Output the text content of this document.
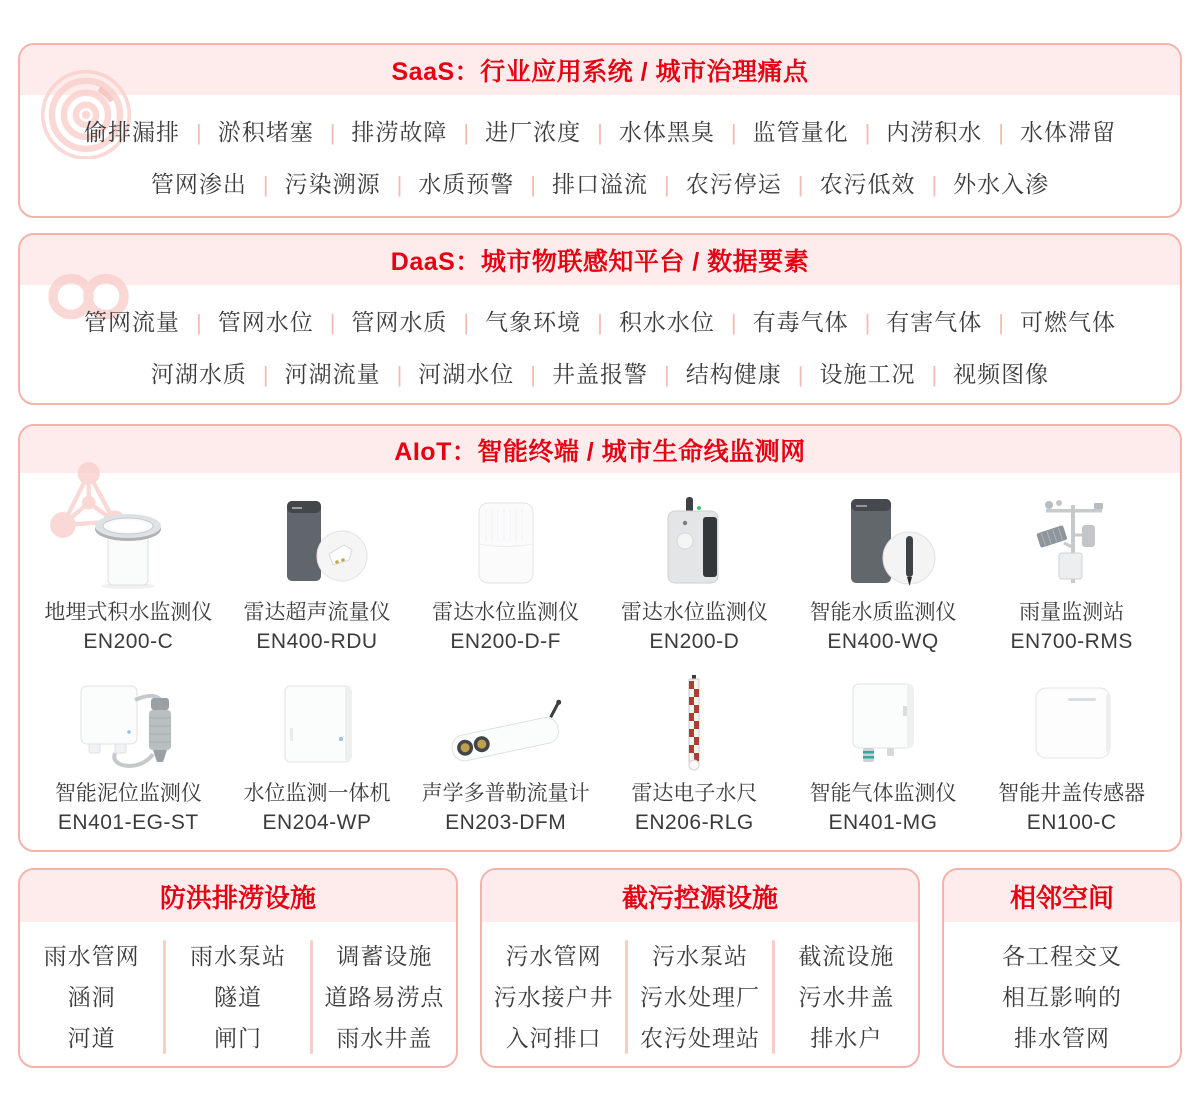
SaaS：行业应用系统 / 城市治理痛点
偷排漏排 | 淤积堵塞 | 排涝故障 | 进厂浓度 | 水体黑臭 | 监管量化 | 内涝积水 | 水体滞留
管网渗出 | 污染溯源 | 水质预警 | 排口溢流 | 农污停运 | 农污低效 | 外水入渗
DaaS：城市物联感知平台 / 数据要素
管网流量 | 管网水位 | 管网水质 | 气象环境 | 积水水位 | 有毒气体 | 有害气体 | 可燃气体
河湖水质 | 河湖流量 | 河湖水位 | 井盖报警 | 结构健康 | 设施工况 | 视频图像
AIoT：智能终端 / 城市生命线监测网
地埋式积水监测仪
EN200-C
雷达超声流量仪
EN400-RDU
雷达水位监测仪
EN200-D-F
雷达水位监测仪
EN200-D
智能水质监测仪
EN400-WQ
雨量监测站
EN700-RMS
智能泥位监测仪
EN401-EG-ST
水位监测一体机
EN204-WP
声学多普勒流量计
EN203-DFM
雷达电子水尺
EN206-RLG
智能气体监测仪
EN401-MG
智能井盖传感器
EN100-C
防洪排涝设施
雨水管网
涵洞
河道
雨水泵站
隧道
闸门
调蓄设施
道路易涝点
雨水井盖
截污控源设施
污水管网
污水接户井
入河排口
污水泵站
污水处理厂
农污处理站
截流设施
污水井盖
排水户
相邻空间
各工程交叉
相互影响的
排水管网
